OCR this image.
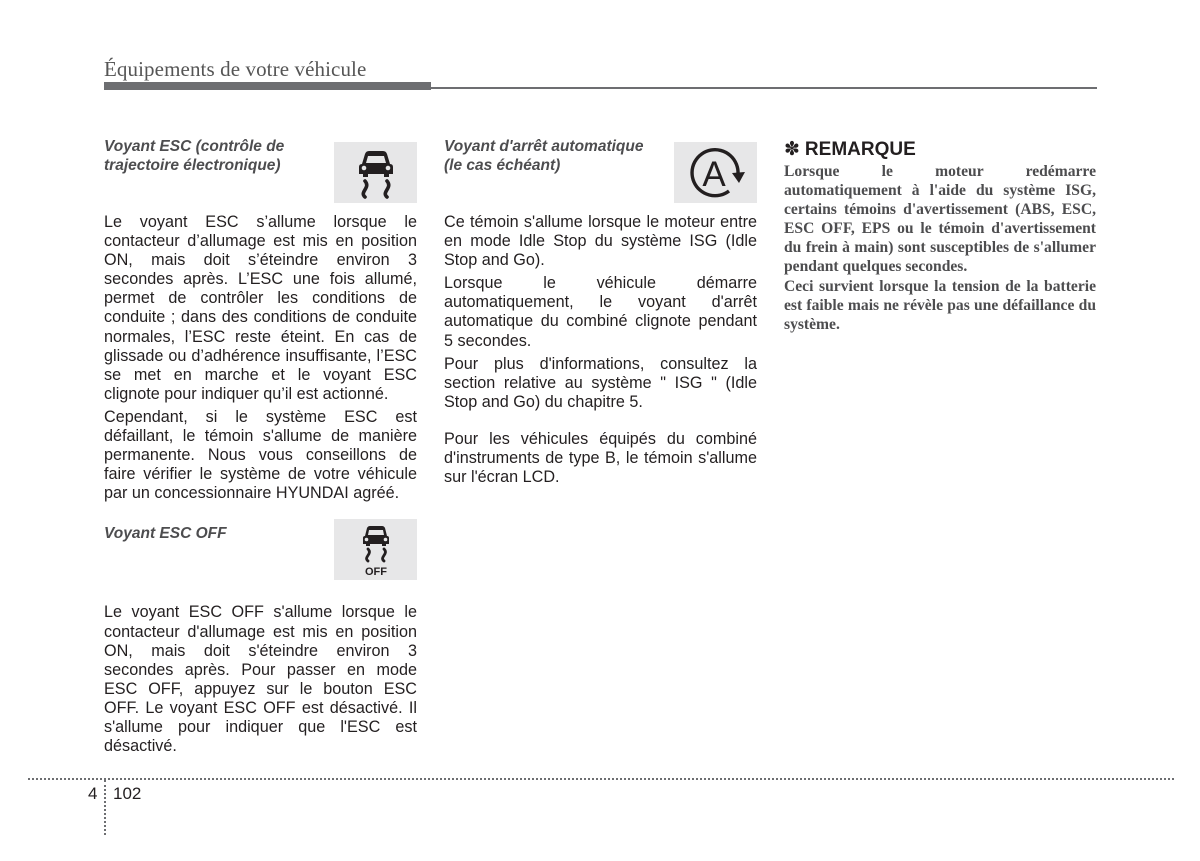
Équipements de votre véhicule
Voyant ESC (contrôle de trajectoire électronique)

Le voyant ESC s’allume lorsque le contacteur d’allumage est mis en position ON, mais doit s’éteindre environ 3 secondes après. L’ESC une fois allumé, permet de contrôler les conditions de conduite ; dans des conditions de conduite normales, l’ESC reste éteint. En cas de glissade ou d’adhérence insuffisante, l’ESC se met en marche et le voyant ESC clignote pour indiquer qu’il est actionné.

Cependant, si le système ESC est défaillant, le témoin s'allume de manière permanente. Nous vous conseillons de faire vérifier le système de votre véhicule par un concessionnaire HYUNDAI agréé.

Voyant ESC OFF
OFF

Le voyant ESC OFF s'allume lorsque le contacteur d'allumage est mis en position ON, mais doit s'éteindre environ 3 secondes après. Pour passer en mode ESC OFF, appuyez sur le bouton ESC OFF. Le voyant ESC OFF est désactivé. Il s'allume pour indiquer que l'ESC est désactivé.

Voyant d'arrêt automatique (le cas échéant)	A

Ce témoin s'allume lorsque le moteur entre en mode Idle Stop du système ISG (Idle Stop and Go).

Lorsque le véhicule démarre automatiquement, le voyant d'arrêt automatique du combiné clignote pendant 5 secondes.

Pour plus d'informations, consultez la section relative au système " ISG " (Idle Stop and Go) du chapitre 5.

Pour les véhicules équipés du combiné d'instruments de type B, le témoin s'allume sur l'écran LCD.

✽ REMARQUE

Lorsque le moteur redémarre automatiquement à l'aide du système ISG, certains témoins d'avertissement (ABS, ESC, ESC OFF, EPS ou le témoin d'avertissement du frein à main) sont susceptibles de s'allumer pendant quelques secondes.

Ceci survient lorsque la tension de la batterie est faible mais ne révèle pas une défaillance du système.

4 102
